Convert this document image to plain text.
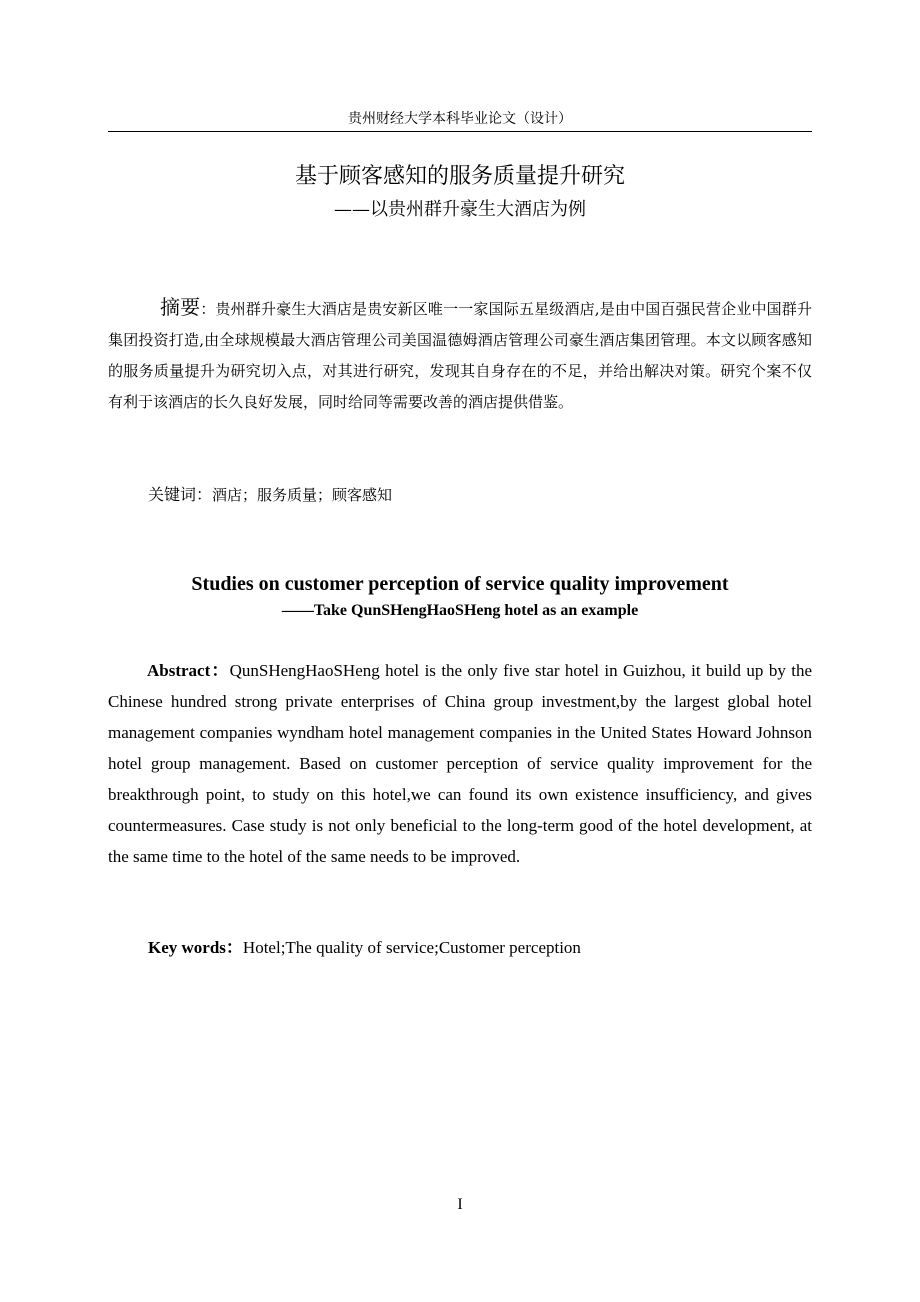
贵州财经大学本科毕业论文（设计）
基于顾客感知的服务质量提升研究
——以贵州群升豪生大酒店为例
摘要：贵州群升豪生大酒店是贵安新区唯一一家国际五星级酒店,是由中国百强民营企业中国群升集团投资打造,由全球规模最大酒店管理公司美国温德姆酒店管理公司豪生酒店集团管理。本文以顾客感知的服务质量提升为研究切入点，对其进行研究，发现其自身存在的不足，并给出解决对策。研究个案不仅有利于该酒店的长久良好发展，同时给同等需要改善的酒店提供借鉴。
关键词：酒店；服务质量；顾客感知
Studies on customer perception of service quality improvement
——Take QunSHengHaoSHeng hotel as an example
Abstract：QunSHengHaoSHeng hotel is the only five star hotel in Guizhou, it build up by the Chinese hundred strong private enterprises of China group investment,by the largest global hotel management companies wyndham hotel management companies in the United States Howard Johnson hotel group management. Based on customer perception of service quality improvement for the breakthrough point, to study on this hotel,we can found its own existence insufficiency, and gives countermeasures. Case study is not only beneficial to the long-term good of the hotel development, at the same time to the hotel of the same needs to be improved.
Key words：Hotel;The quality of service;Customer perception
I
